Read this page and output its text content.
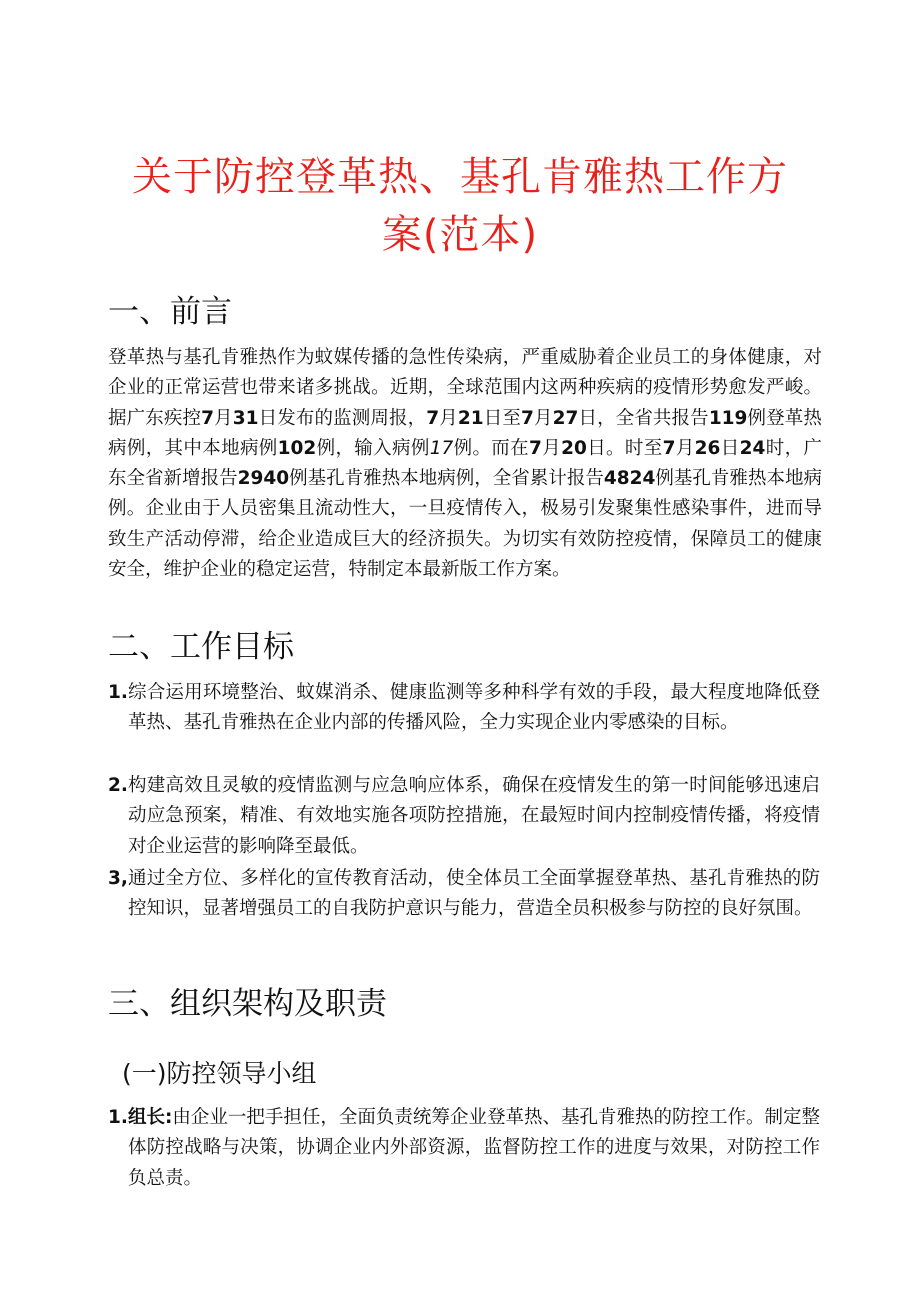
关于防控登革热、基孔肯雅热工作方
案(范本)
一、前言

登革热与基孔肯雅热作为蚊媒传播的急性传染病，严重威胁着企业员工的身体健康，对企业的正常运营也带来诸多挑战。近期，全球范围内这两种疾病的疫情形势愈发严峻。据广东疾控7月31日发布的监测周报，7月21日至7月27日，全省共报告119例登革热病例，其中本地病例102例，输入病例17例。而在7月20日。时至7月26日24时，广东全省新增报告2940例基孔肯雅热本地病例，全省累计报告4824例基孔肯雅热本地病例。企业由于人员密集且流动性大，一旦疫情传入，极易引发聚集性感染事件，进而导致生产活动停滞，给企业造成巨大的经济损失。为切实有效防控疫情，保障员工的健康安全，维护企业的稳定运营，特制定本最新版工作方案。

二、工作目标
1. 综合运用环境整治、蚊媒消杀、健康监测等多种科学有效的手段，最大程度地降低登革热、基孔肯雅热在企业内部的传播风险，全力实现企业内零感染的目标。
2. 构建高效且灵敏的疫情监测与应急响应体系，确保在疫情发生的第一时间能够迅速启动应急预案，精准、有效地实施各项防控措施，在最短时间内控制疫情传播，将疫情对企业运营的影响降至最低。
3, 通过全方位、多样化的宣传教育活动，使全体员工全面掌握登革热、基孔肯雅热的防控知识，显著增强员工的自我防护意识与能力，营造全员积极参与防控的良好氛围。
三、组织架构及职责
(一)防控领导小组
1. 组长:由企业一把手担任，全面负责统筹企业登革热、基孔肯雅热的防控工作。制定整体防控战略与决策，协调企业内外部资源，监督防控工作的进度与效果，对防控工作负总责。
